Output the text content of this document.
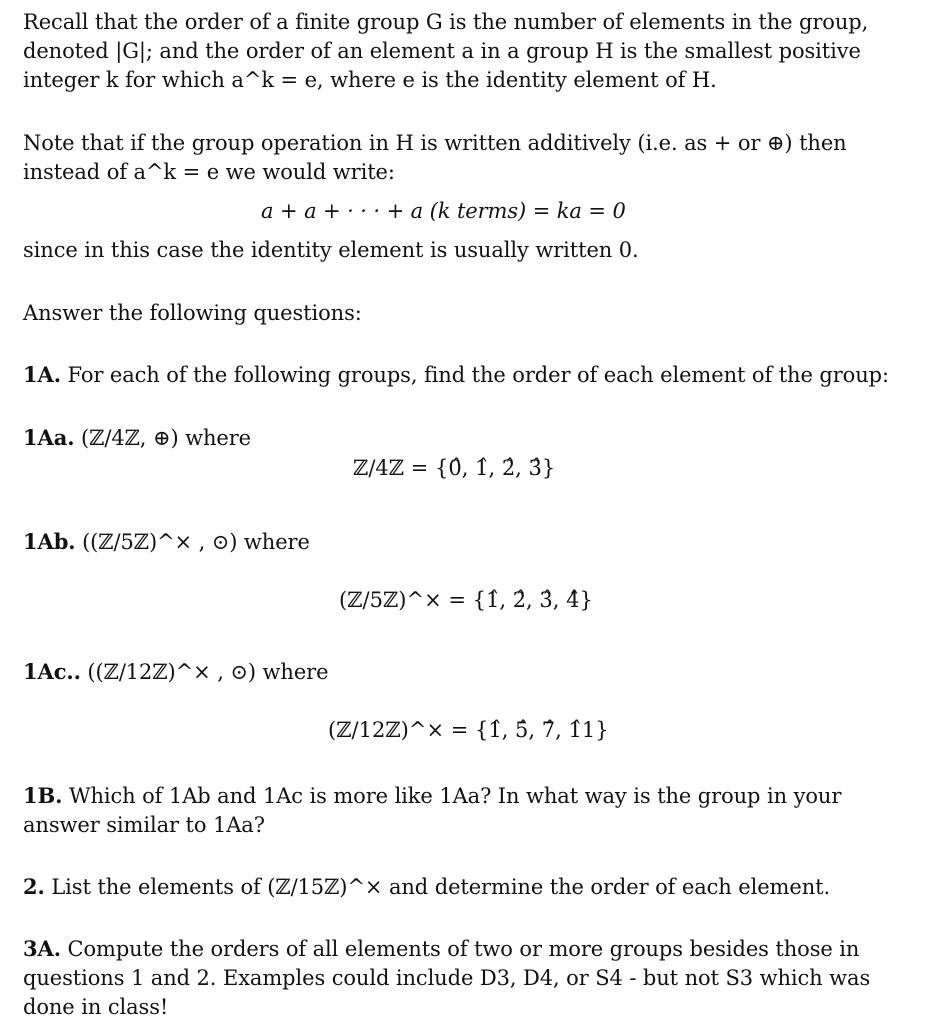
Recall that the order of a finite group G is the number of elements in the group,
denoted |G|; and the order of an element a in a group H is the smallest positive
integer k for which a^k = e, where e is the identity element of H.
Note that if the group operation in H is written additively (i.e. as + or ⊕) then
instead of a^k = e we would write:
a + a + · · · + a (k terms) = ka = 0
since in this case the identity element is usually written 0.
Answer the following questions:
1A. For each of the following groups, find the order of each element of the group:
1Aa. (ℤ/4ℤ, ⊕) where
ℤ/4ℤ = {0̂, 1̂, 2̂, 3̂}
1Ab. ((ℤ/5ℤ)^× , ⊙) where
(ℤ/5ℤ)^× = {1̂, 2̂, 3̂, 4̂}
1Ac.. ((ℤ/12ℤ)^× , ⊙) where
(ℤ/12ℤ)^× = {1̂, 5̂, 7̂, 1̂1}
1B. Which of 1Ab and 1Ac is more like 1Aa? In what way is the group in your
answer similar to 1Aa?
2. List the elements of (ℤ/15ℤ)^× and determine the order of each element.
3A. Compute the orders of all elements of two or more groups besides those in
questions 1 and 2. Examples could include D3, D4, or S4 - but not S3 which was
done in class!
